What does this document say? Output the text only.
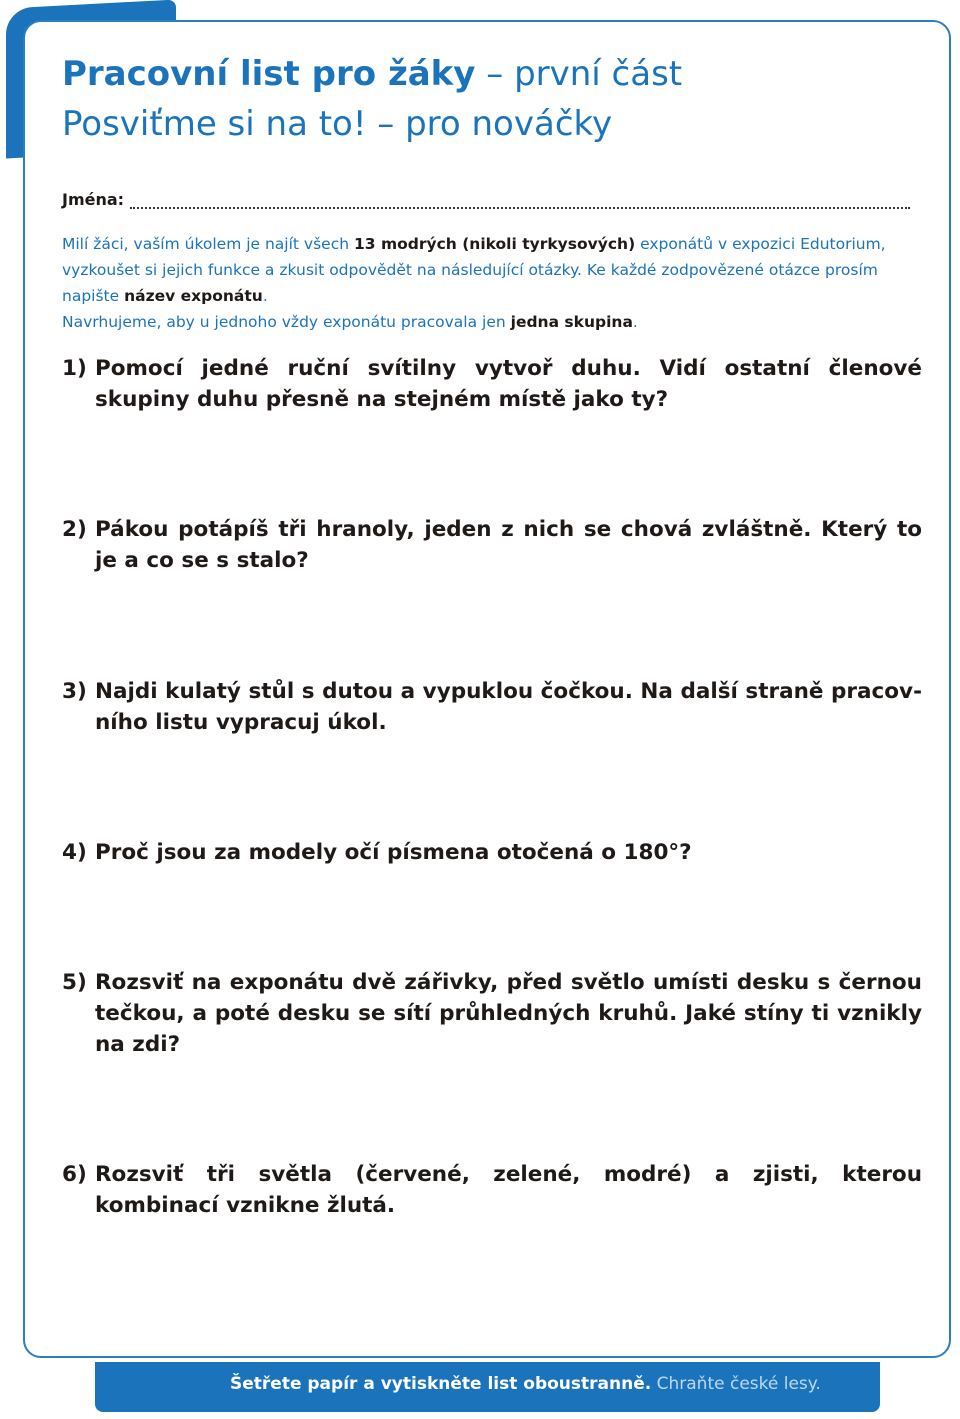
Pracovní list pro žáky – první část
Posviťme si na to! – pro nováčky
Jména:
Milí žáci, vaším úkolem je najít všech 13 modrých (nikoli tyrkysových) exponátů v expozici Edutorium, vyzkoušet si jejich funkce a zkusit odpovědět na následující otázky. Ke každé zodpovězené otázce prosím napište název exponátu.
Navrhujeme, aby u jednoho vždy exponátu pracovala jen jedna skupina.
1) Pomocí jedné ruční svítilny vytvoř duhu. Vidí ostatní členové skupiny duhu přesně na stejném místě jako ty?
2) Pákou potápíš tři hranoly, jeden z nich se chová zvláštně. Který to je a co se s stalo?
3) Najdi kulatý stůl s dutou a vypuklou čočkou. Na další straně pracovního listu vypracuj úkol.
4) Proč jsou za modely očí písmena otočená o 180°?
5) Rozsviť na exponátu dvě zářivky, před světlo umísti desku s černou tečkou, a poté desku se sítí průhledných kruhů. Jaké stíny ti vznikly na zdi?
6) Rozsviť tři světla (červené, zelené, modré) a zjisti, kterou kombinací vznikne žlutá.
Šetřete papír a vytiskněte list oboustranně. Chraňte české lesy.
